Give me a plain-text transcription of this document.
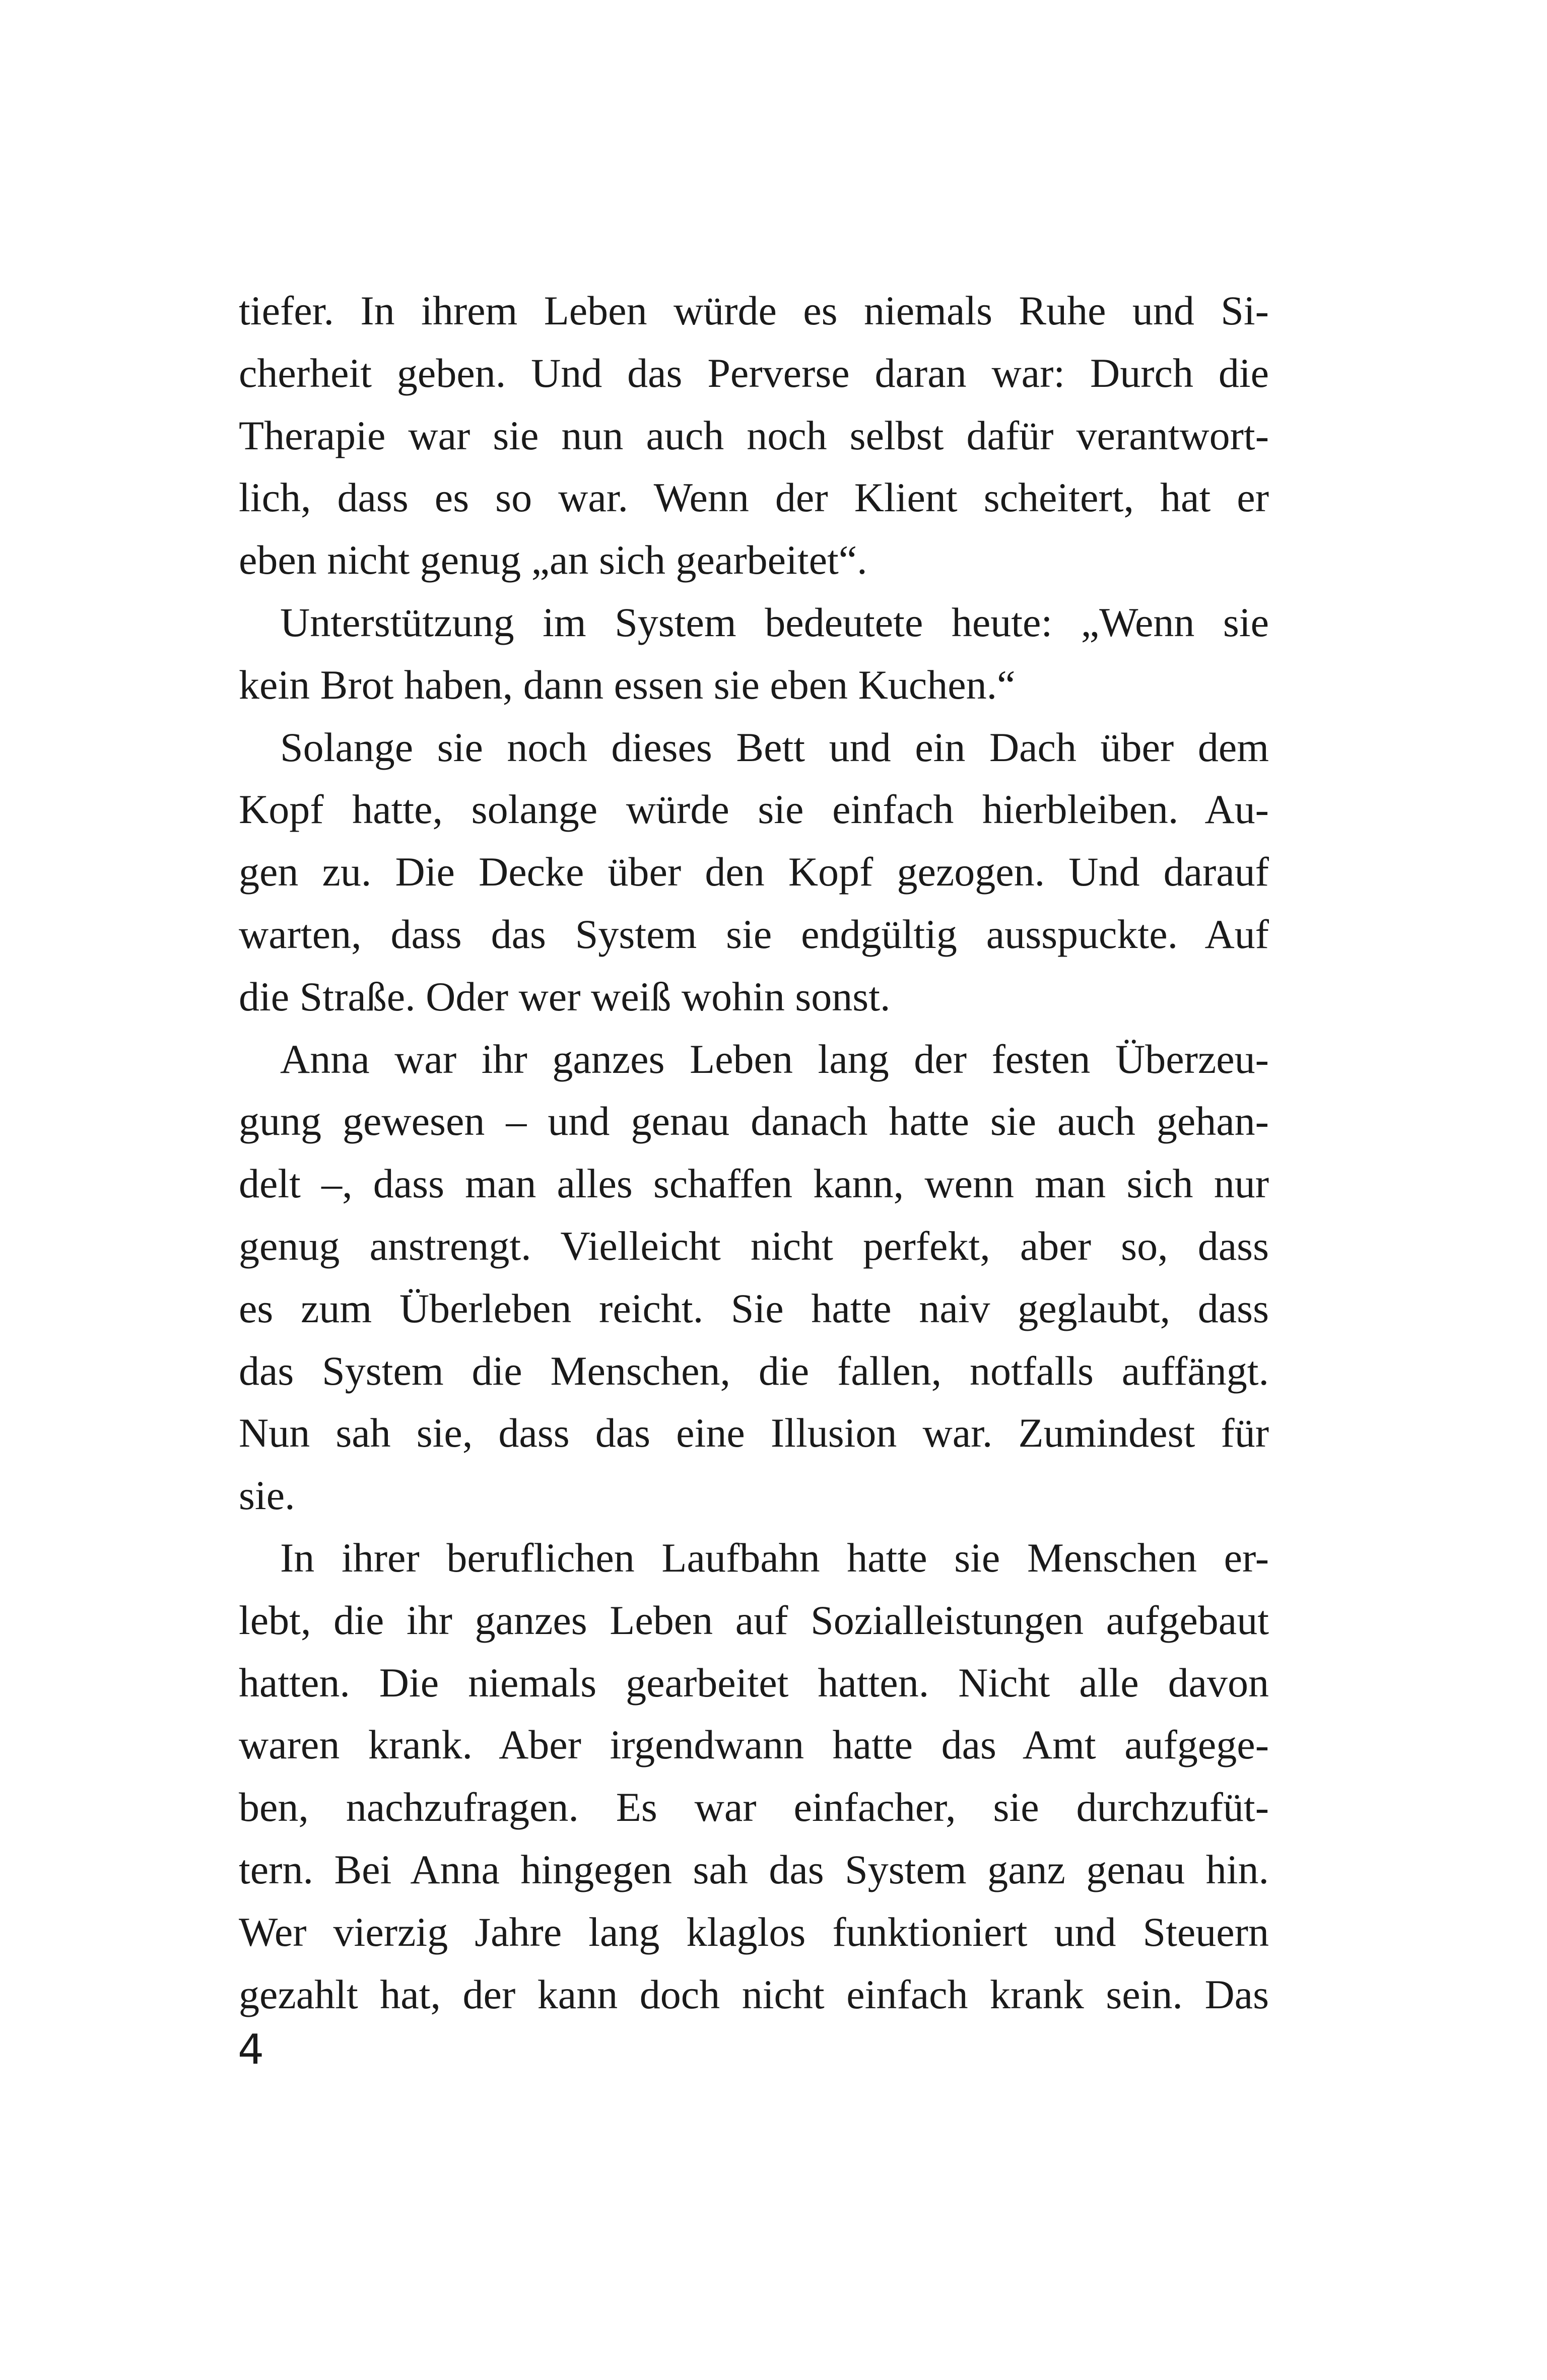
tiefer. In ihrem Leben würde es niemals Ruhe und Si-
cherheit geben. Und das Perverse daran war: Durch die
Therapie war sie nun auch noch selbst dafür verantwort-
lich, dass es so war. Wenn der Klient scheitert, hat er
eben nicht genug „an sich gearbeitet“.
Unterstützung im System bedeutete heute: „Wenn sie
kein Brot haben, dann essen sie eben Kuchen.“
Solange sie noch dieses Bett und ein Dach über dem
Kopf hatte, solange würde sie einfach hierbleiben. Au-
gen zu. Die Decke über den Kopf gezogen. Und darauf
warten, dass das System sie endgültig ausspuckte. Auf
die Straße. Oder wer weiß wohin sonst.
Anna war ihr ganzes Leben lang der festen Überzeu-
gung gewesen – und genau danach hatte sie auch gehan-
delt –, dass man alles schaffen kann, wenn man sich nur
genug anstrengt. Vielleicht nicht perfekt, aber so, dass
es zum Überleben reicht. Sie hatte naiv geglaubt, dass
das System die Menschen, die fallen, notfalls auffängt.
Nun sah sie, dass das eine Illusion war. Zumindest für
sie.
In ihrer beruflichen Laufbahn hatte sie Menschen er-
lebt, die ihr ganzes Leben auf Sozialleistungen aufgebaut
hatten. Die niemals gearbeitet hatten. Nicht alle davon
waren krank. Aber irgendwann hatte das Amt aufgege-
ben, nachzufragen. Es war einfacher, sie durchzufüt-
tern. Bei Anna hingegen sah das System ganz genau hin.
Wer vierzig Jahre lang klaglos funktioniert und Steuern
gezahlt hat, der kann doch nicht einfach krank sein. Das
4
